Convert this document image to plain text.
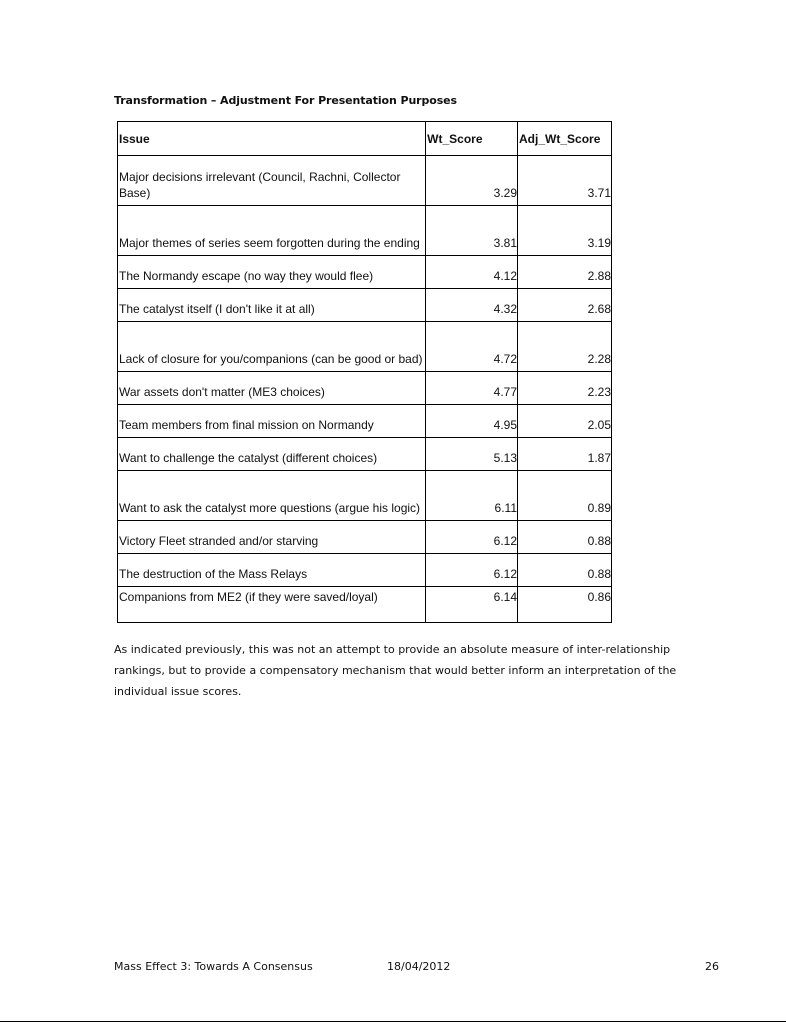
Transformation – Adjustment For Presentation Purposes
Issue	Wt_Score	Adj_Wt_Score
Major decisions irrelevant (Council, Rachni, Collector Base)	3.29	3.71
Major themes of series seem forgotten during the ending	3.81	3.19
The Normandy escape (no way they would flee)	4.12	2.88
The catalyst itself (I don't like it at all)	4.32	2.68
Lack of closure for you/companions (can be good or bad)	4.72	2.28
War assets don't matter (ME3 choices)	4.77	2.23
Team members from final mission on Normandy	4.95	2.05
Want to challenge the catalyst (different choices)	5.13	1.87
Want to ask the catalyst more questions (argue his logic)	6.11	0.89
Victory Fleet stranded and/or starving	6.12	0.88
The destruction of the Mass Relays	6.12	0.88
Companions from ME2 (if they were saved/loyal)	6.14	0.86
As indicated previously, this was not an attempt to provide an absolute measure of inter-relationship rankings, but to provide a compensatory mechanism that would better inform an interpretation of the individual issue scores.
Mass Effect 3: Towards A Consensus	18/04/2012	26
